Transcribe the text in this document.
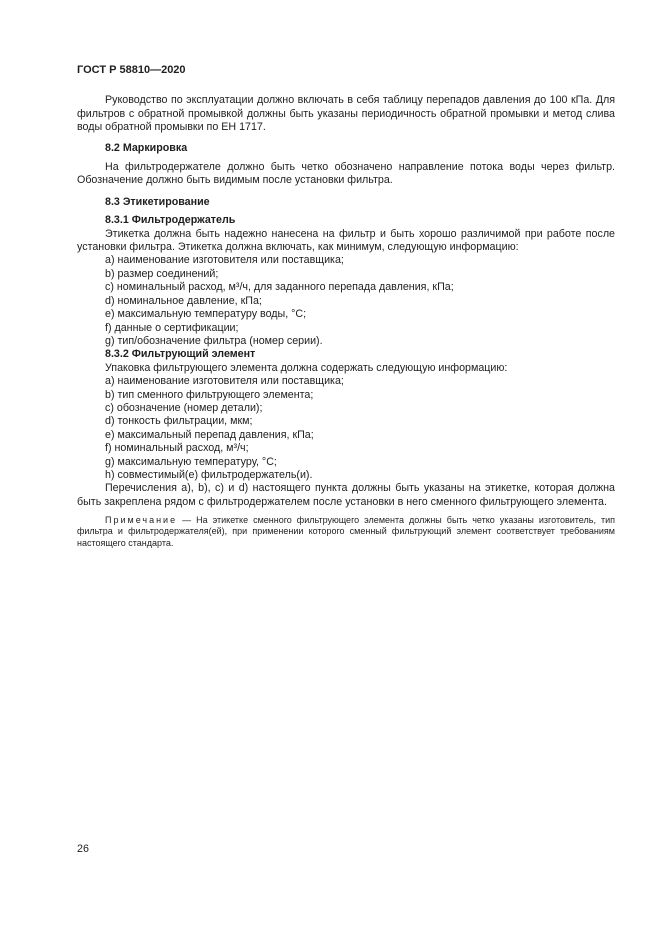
ГОСТ Р 58810—2020

Руководство по эксплуатации должно включать в себя таблицу перепадов давления до 100 кПа. Для фильтров с обратной промывкой должны быть указаны периодичность обратной промывки и метод слива воды обратной промывки по ЕН 1717.

8.2 Маркировка

На фильтродержателе должно быть четко обозначено направление потока воды через фильтр. Обозначение должно быть видимым после установки фильтра.

8.3 Этикетирование

8.3.1 Фильтродержатель

Этикетка должна быть надежно нанесена на фильтр и быть хорошо различимой при работе после установки фильтра. Этикетка должна включать, как минимум, следующую информацию:

a) наименование изготовителя или поставщика;
b) размер соединений;
c) номинальный расход, м³/ч, для заданного перепада давления, кПа;
d) номинальное давление, кПа;
e) максимальную температуру воды, °С;
f) данные о сертификации;
g) тип/обозначение фильтра (номер серии).

8.3.2 Фильтрующий элемент

Упаковка фильтрующего элемента должна содержать следующую информацию:

a) наименование изготовителя или поставщика;
b) тип сменного фильтрующего элемента;
c) обозначение (номер детали);
d) тонкость фильтрации, мкм;
e) максимальный перепад давления, кПа;
f) номинальный расход, м³/ч;
g) максимальную температуру, °С;
h) совместимый(е) фильтродержатель(и).

Перечисления a), b), c) и d) настоящего пункта должны быть указаны на этикетке, которая должна быть закреплена рядом с фильтродержателем после установки в него сменного фильтрующего элемента.

Примечание — На этикетке сменного фильтрующего элемента должны быть четко указаны изготовитель, тип фильтра и фильтродержателя(ей), при применении которого сменный фильтрующий элемент соответствует требованиям настоящего стандарта.

26
